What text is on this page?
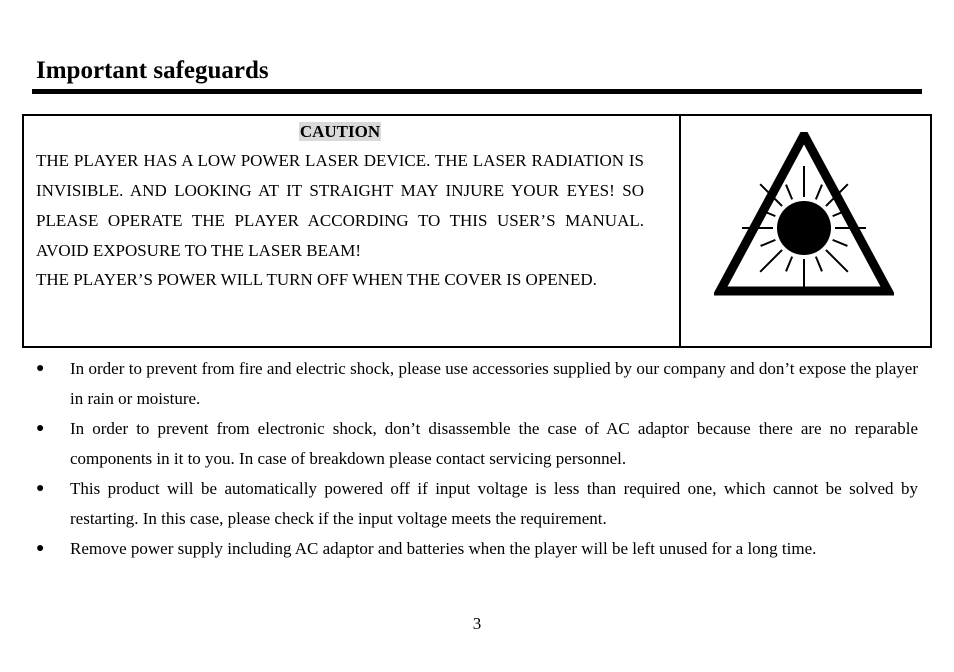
Important safeguards
CAUTION

THE PLAYER HAS A LOW POWER LASER DEVICE. THE LASER RADIATION IS INVISIBLE. AND LOOKING AT IT STRAIGHT MAY INJURE YOUR EYES! SO PLEASE OPERATE THE PLAYER ACCORDING TO THIS USER’S MANUAL. AVOID EXPOSURE TO THE LASER BEAM!

THE PLAYER’S POWER WILL TURN OFF WHEN THE COVER IS OPENED.

● In order to prevent from fire and electric shock, please use accessories supplied by our company and don’t expose the player in rain or moisture.
● In order to prevent from electronic shock, don’t disassemble the case of AC adaptor because there are no reparable components in it to you. In case of breakdown please contact servicing personnel.
● This product will be automatically powered off if input voltage is less than required one, which cannot be solved by restarting. In this case, please check if the input voltage meets the requirement.
● Remove power supply including AC adaptor and batteries when the player will be left unused for a long time.
3
